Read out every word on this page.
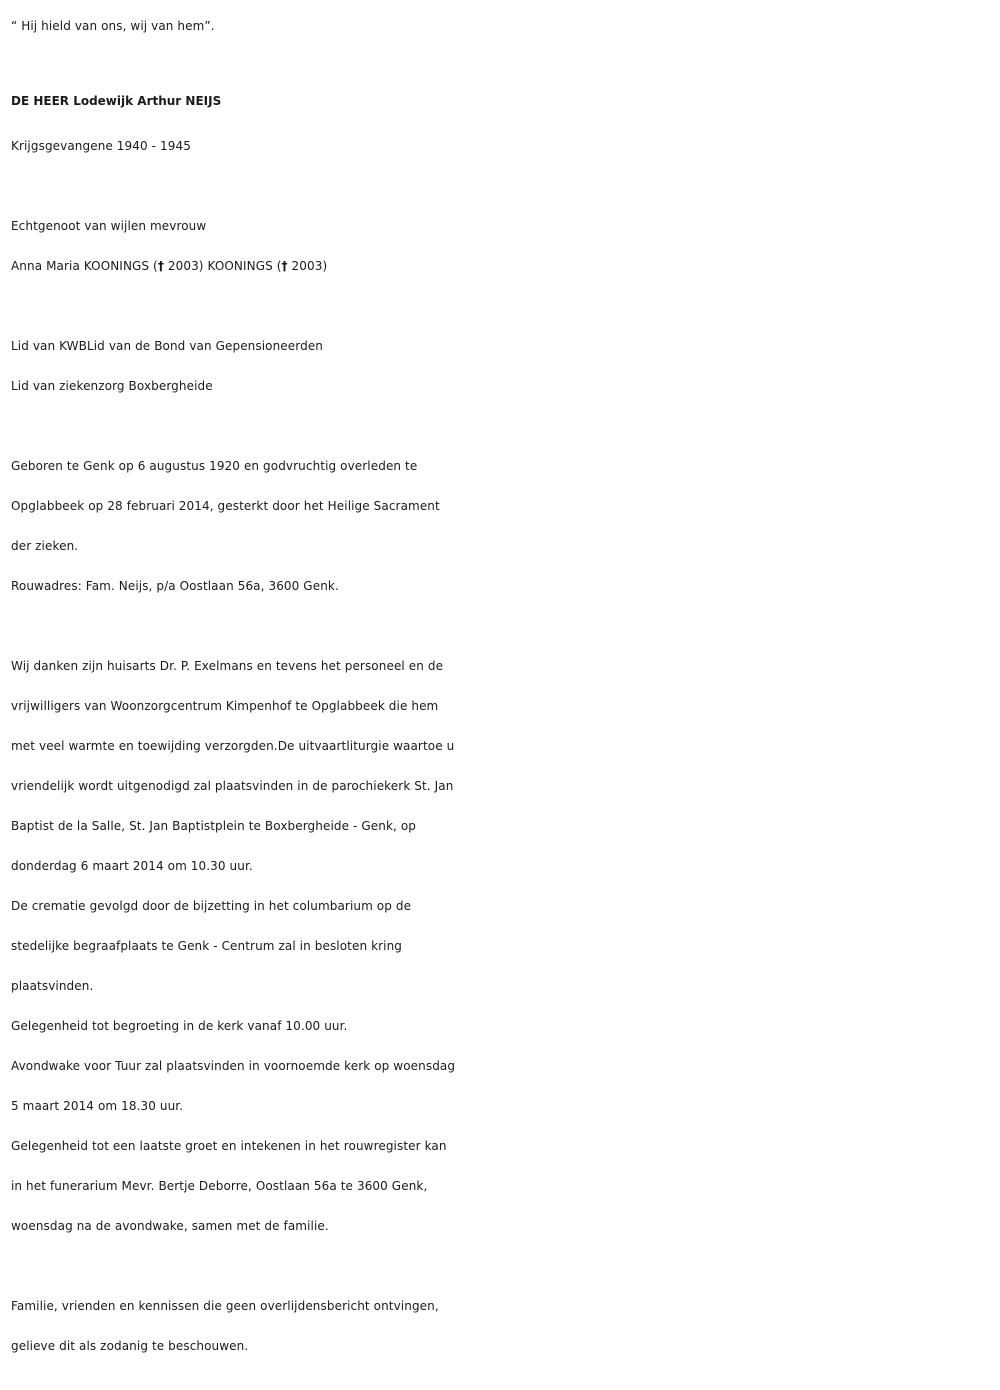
“ Hij hield van ons, wij van hem”.
DE HEER Lodewijk Arthur NEIJS
Krijgsgevangene 1940 - 1945
Echtgenoot van wijlen mevrouw
Anna Maria KOONINGS († 2003) KOONINGS († 2003)
Lid van KWBLid van de Bond van Gepensioneerden
Lid van ziekenzorg Boxbergheide
Geboren te Genk op 6 augustus 1920 en godvruchtig overleden te
Opglabbeek op 28 februari 2014, gesterkt door het Heilige Sacrament
der zieken.
Rouwadres: Fam. Neijs, p/a Oostlaan 56a, 3600 Genk.
Wij danken zijn huisarts Dr. P. Exelmans en tevens het personeel en de
vrijwilligers van Woonzorgcentrum Kimpenhof te Opglabbeek die hem
met veel warmte en toewijding verzorgden.De uitvaartliturgie waartoe u
vriendelijk wordt uitgenodigd zal plaatsvinden in de parochiekerk St. Jan
Baptist de la Salle, St. Jan Baptistplein te Boxbergheide - Genk, op
donderdag 6 maart 2014 om 10.30 uur.
De crematie gevolgd door de bijzetting in het columbarium op de
stedelijke begraafplaats te Genk - Centrum zal in besloten kring
plaatsvinden.
Gelegenheid tot begroeting in de kerk vanaf 10.00 uur.
Avondwake voor Tuur zal plaatsvinden in voornoemde kerk op woensdag
5 maart 2014 om 18.30 uur.
Gelegenheid tot een laatste groet en intekenen in het rouwregister kan
in het funerarium Mevr. Bertje Deborre, Oostlaan 56a te 3600 Genk,
woensdag na de avondwake, samen met de familie.
Familie, vrienden en kennissen die geen overlijdensbericht ontvingen,
gelieve dit als zodanig te beschouwen.
